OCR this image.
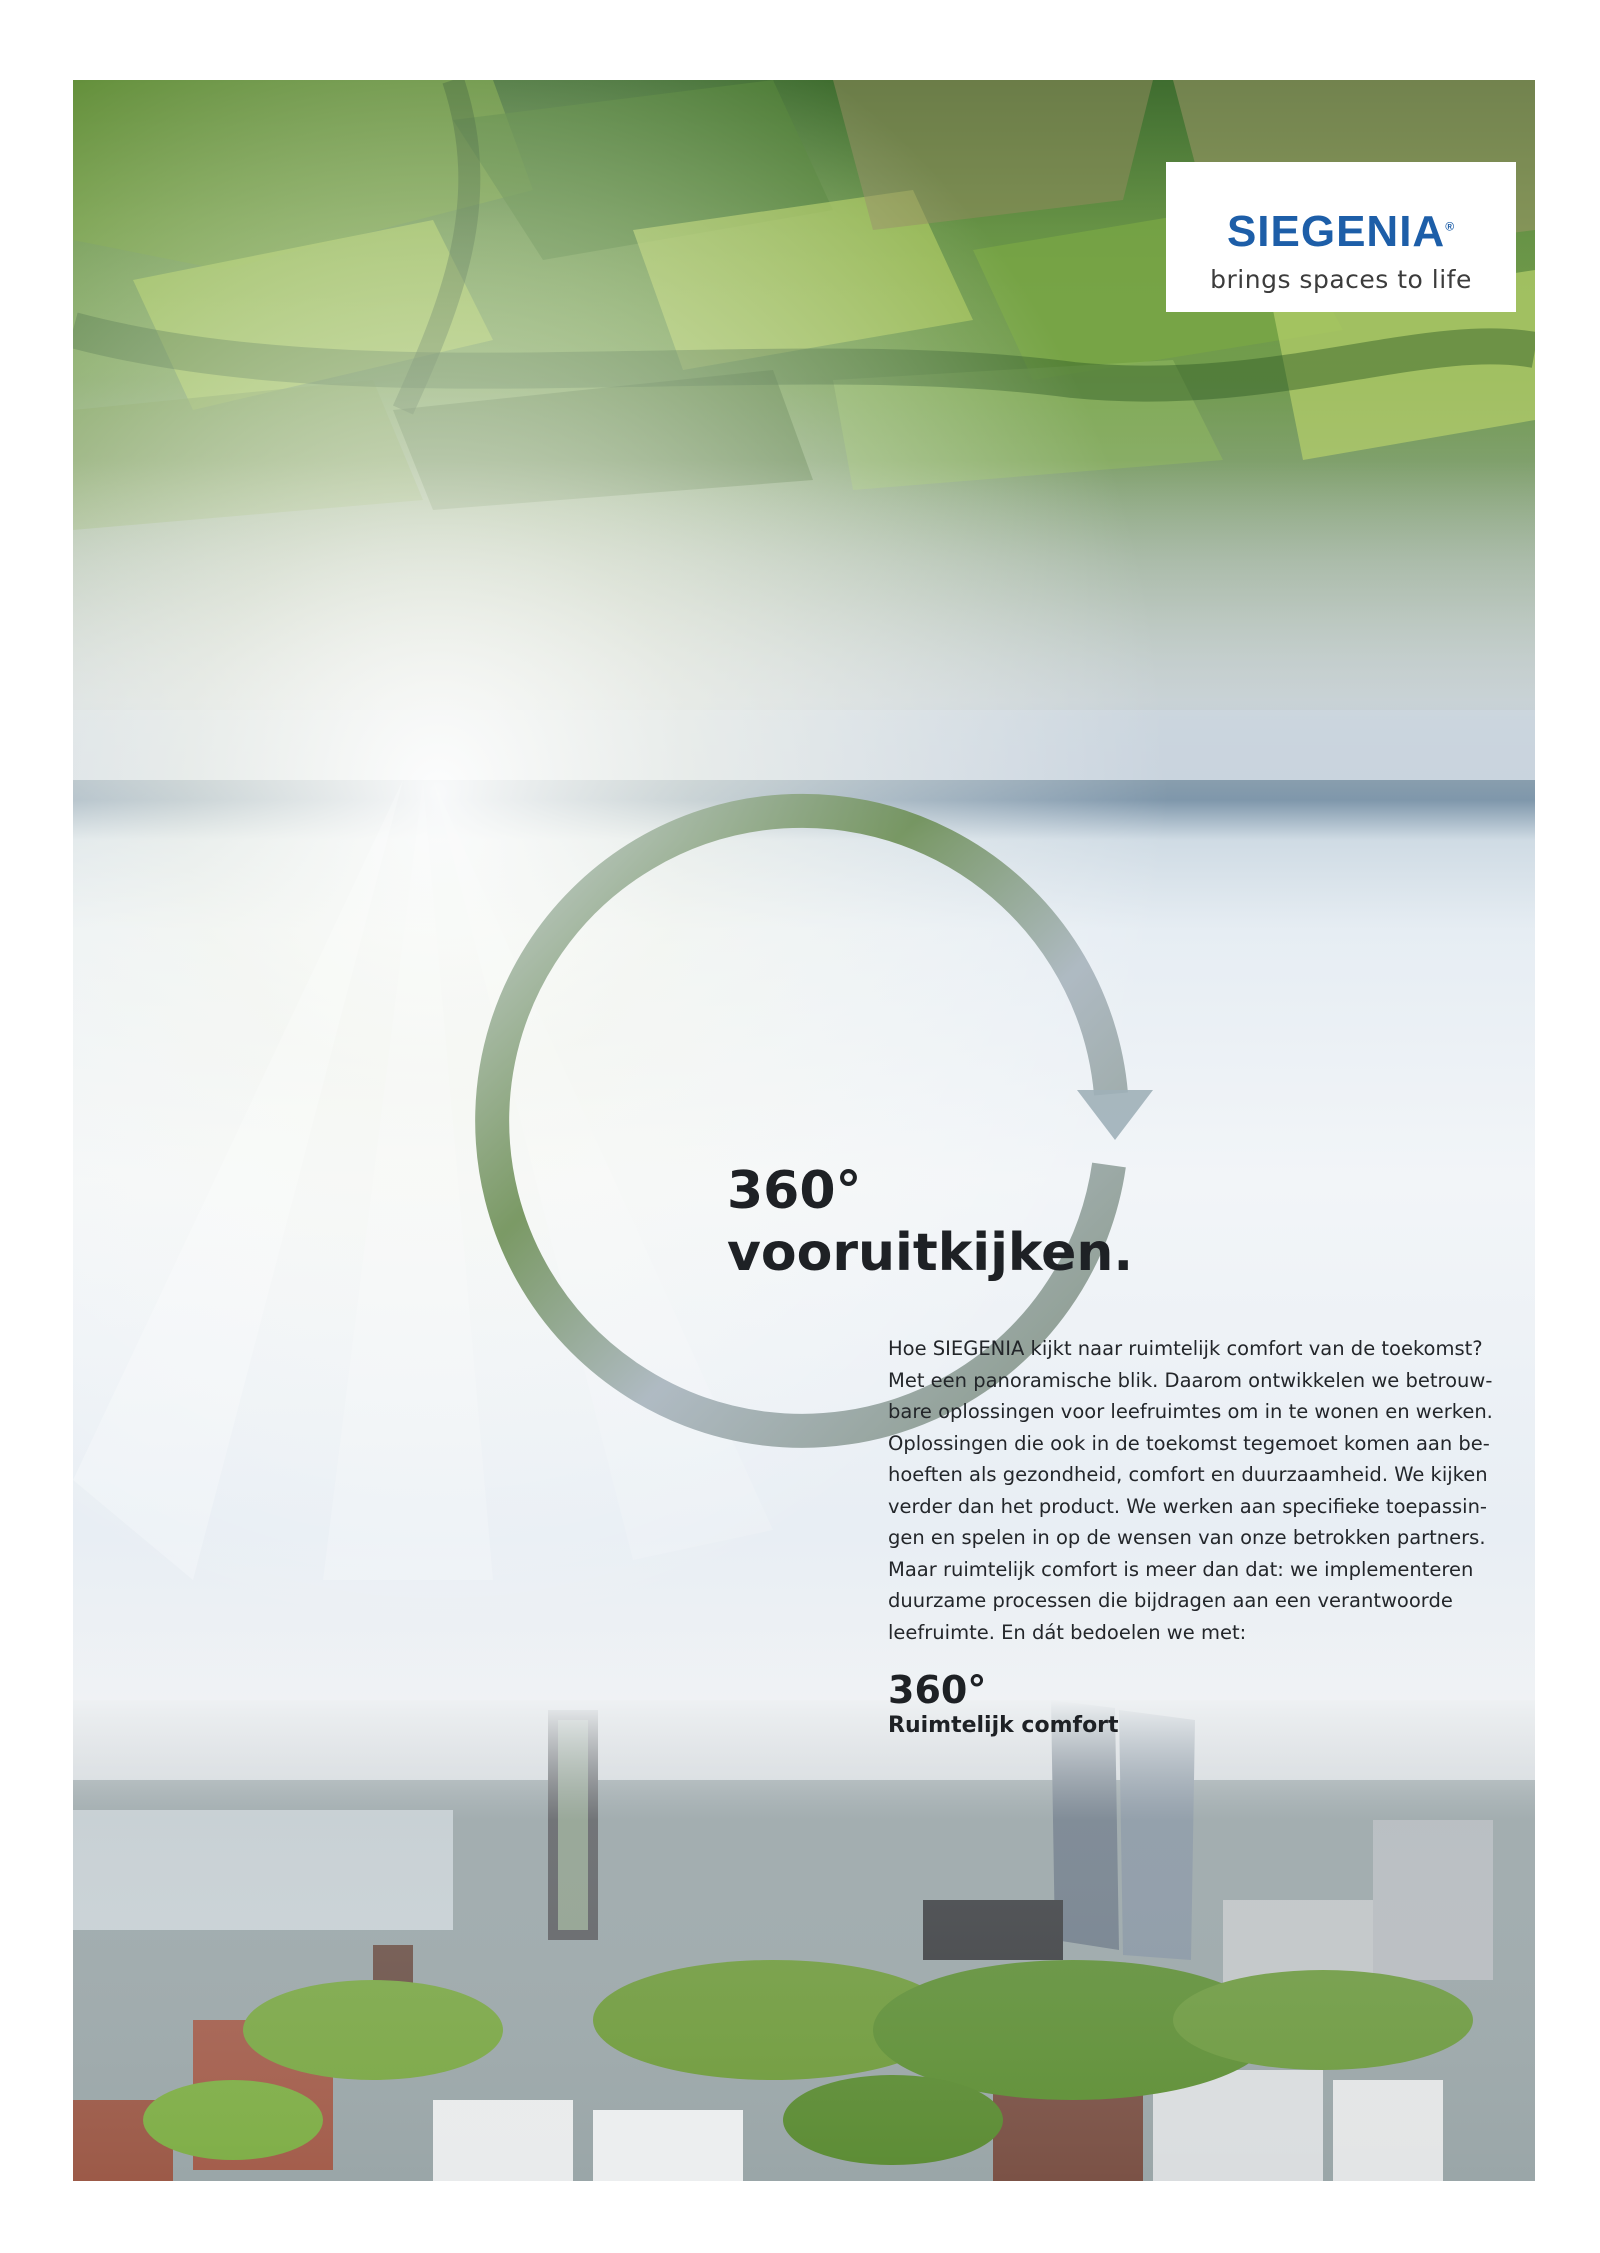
SIEGENIA®
brings spaces to life
360°
vooruitkijken.

Hoe SIEGENIA kijkt naar ruimtelijk comfort van de toekomst?
Met een panoramische blik. Daarom ontwikkelen we betrouw-
bare oplossingen voor leefruimtes om in te wonen en werken.
Oplossingen die ook in de toekomst tegemoet komen aan be-
hoeften als gezondheid, comfort en duurzaamheid. We kijken
verder dan het product. We werken aan specifieke toepassin-
gen en spelen in op de wensen van onze betrokken partners.
Maar ruimtelijk comfort is meer dan dat: we implementeren
duurzame processen die bijdragen aan een verantwoorde
leefruimte. En dát bedoelen we met:

360°

Ruimtelijk comfort
